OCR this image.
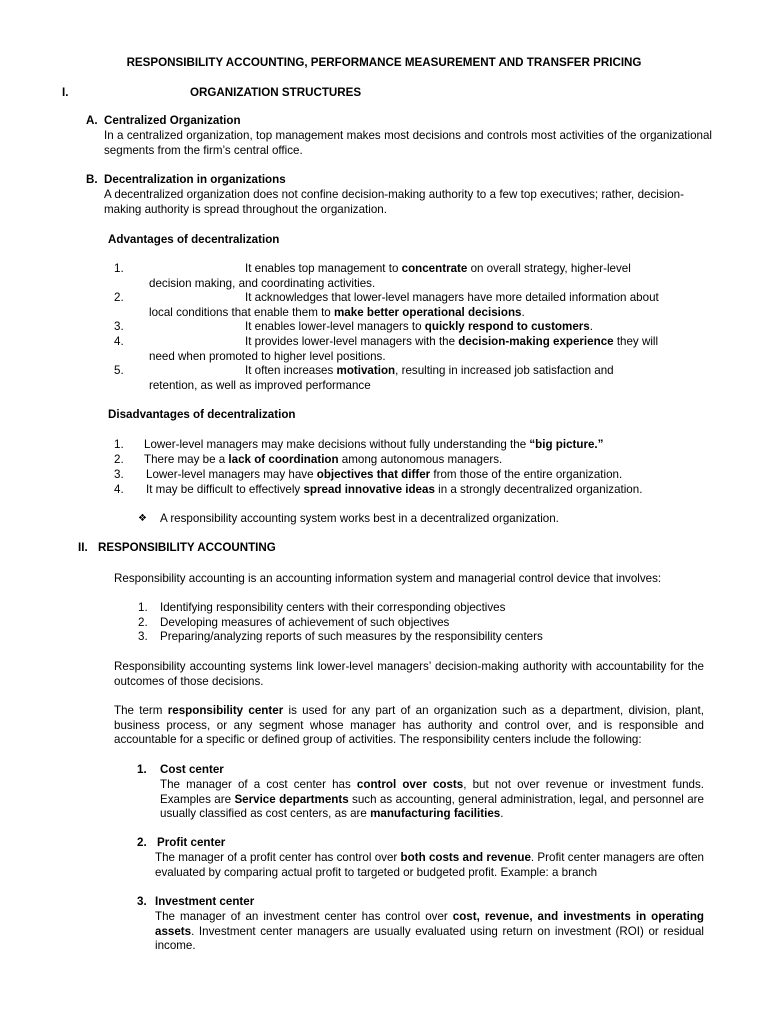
RESPONSIBILITY ACCOUNTING, PERFORMANCE MEASUREMENT AND TRANSFER PRICING
I.	ORGANIZATION STRUCTURES
A. Centralized Organization
In a centralized organization, top management makes most decisions and controls most activities of the organizational segments from the firm’s central office.
B. Decentralization in organizations
A decentralized organization does not confine decision-making authority to a few top executives; rather, decision-making authority is spread throughout the organization.
Advantages of decentralization
1.	It enables top management to concentrate on overall strategy, higher-level
decision making, and coordinating activities.
2.	It acknowledges that lower-level managers have more detailed information about
local conditions that enable them to make better operational decisions.
3.	It enables lower-level managers to quickly respond to customers.
4.	It provides lower-level managers with the decision-making experience they will
need when promoted to higher level positions.
5.	It often increases motivation, resulting in increased job satisfaction and
retention, as well as improved performance
Disadvantages of decentralization
1. Lower-level managers may make decisions without fully understanding the “big picture.”
2. There may be a lack of coordination among autonomous managers.
3. Lower-level managers may have objectives that differ from those of the entire organization.
4. It may be difficult to effectively spread innovative ideas in a strongly decentralized organization.
❖ A responsibility accounting system works best in a decentralized organization.
II. RESPONSIBILITY ACCOUNTING
Responsibility accounting is an accounting information system and managerial control device that involves:
1. Identifying responsibility centers with their corresponding objectives
2. Developing measures of achievement of such objectives
3. Preparing/analyzing reports of such measures by the responsibility centers
Responsibility accounting systems link lower-level managers’ decision-making authority with accountability for the outcomes of those decisions.
The term responsibility center is used for any part of an organization such as a department, division, plant, business process, or any segment whose manager has authority and control over, and is responsible and accountable for a specific or defined group of activities. The responsibility centers include the following:
1. Cost center
The manager of a cost center has control over costs, but not over revenue or investment funds. Examples are Service departments such as accounting, general administration, legal, and personnel are usually classified as cost centers, as are manufacturing facilities.
2. Profit center
The manager of a profit center has control over both costs and revenue. Profit center managers are often evaluated by comparing actual profit to targeted or budgeted profit. Example: a branch
3. Investment center
The manager of an investment center has control over cost, revenue, and investments in operating assets. Investment center managers are usually evaluated using return on investment (ROI) or residual income.
